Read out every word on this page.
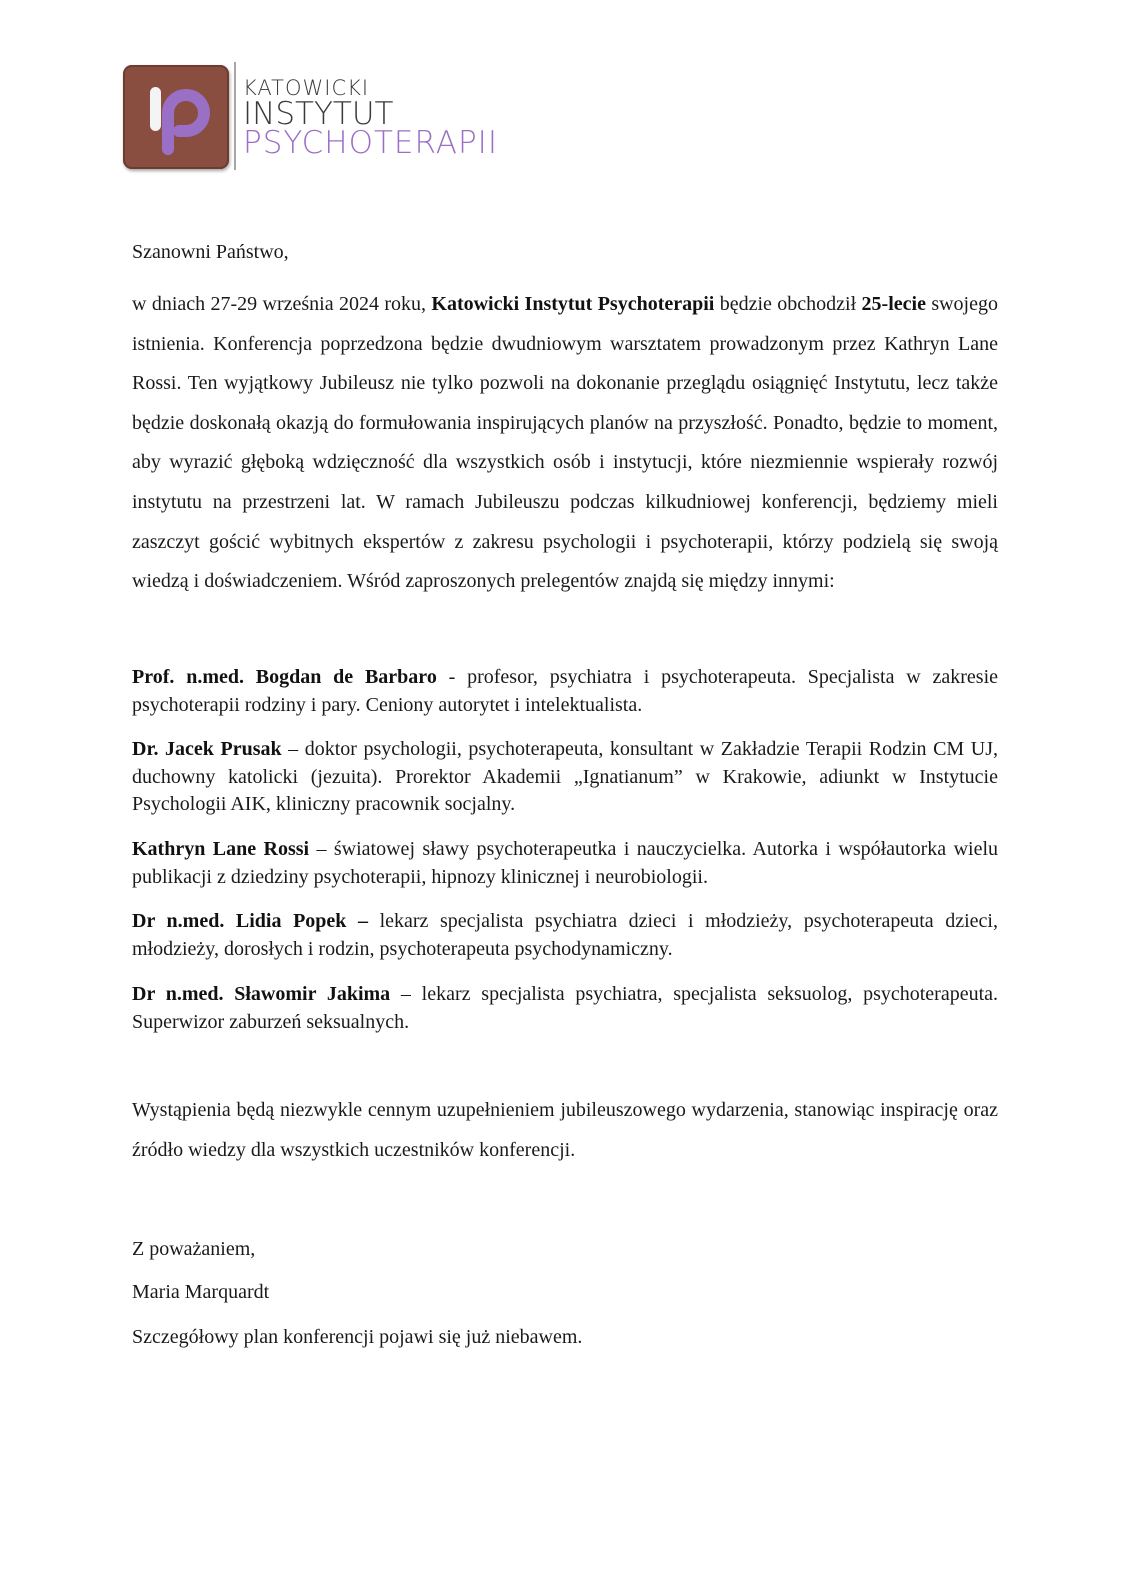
KATOWICKI
INSTYTUT
PSYCHOTERAPII
Szanowni Państwo,
w dniach 27-29 września 2024 roku, Katowicki Instytut Psychoterapii będzie obchodził 25-lecie swojego istnienia. Konferencja poprzedzona będzie dwudniowym warsztatem prowadzonym przez Kathryn Lane Rossi. Ten wyjątkowy Jubileusz nie tylko pozwoli na dokonanie przeglądu osiągnięć Instytutu, lecz także będzie doskonałą okazją do formułowania inspirujących planów na przyszłość. Ponadto, będzie to moment, aby wyrazić głęboką wdzięczność dla wszystkich osób i instytucji, które niezmiennie wspierały rozwój instytutu na przestrzeni lat. W ramach Jubileuszu podczas kilkudniowej konferencji, będziemy mieli zaszczyt gościć wybitnych ekspertów z zakresu psychologii i psychoterapii, którzy podzielą się swoją wiedzą i doświadczeniem. Wśród zaproszonych prelegentów znajdą się między innymi:

Prof. n.med. Bogdan de Barbaro - profesor, psychiatra i psychoterapeuta. Specjalista w zakresie psychoterapii rodziny i pary. Ceniony autorytet i intelektualista.

Dr. Jacek Prusak – doktor psychologii, psychoterapeuta, konsultant w Zakładzie Terapii Rodzin CM UJ, duchowny katolicki (jezuita). Prorektor Akademii „Ignatianum” w Krakowie, adiunkt w Instytucie Psychologii AIK, kliniczny pracownik socjalny.

Kathryn Lane Rossi – światowej sławy psychoterapeutka i nauczycielka. Autorka i współautorka wielu publikacji z dziedziny psychoterapii, hipnozy klinicznej i neurobiologii.

Dr n.med. Lidia Popek – lekarz specjalista psychiatra dzieci i młodzieży, psychoterapeuta dzieci, młodzieży, dorosłych i rodzin, psychoterapeuta psychodynamiczny.

Dr n.med. Sławomir Jakima – lekarz specjalista psychiatra, specjalista seksuolog, psychoterapeuta. Superwizor zaburzeń seksualnych.

Wystąpienia będą niezwykle cennym uzupełnieniem jubileuszowego wydarzenia, stanowiąc inspirację oraz źródło wiedzy dla wszystkich uczestników konferencji.
Z poważaniem,
Maria Marquardt
Szczegółowy plan konferencji pojawi się już niebawem.
